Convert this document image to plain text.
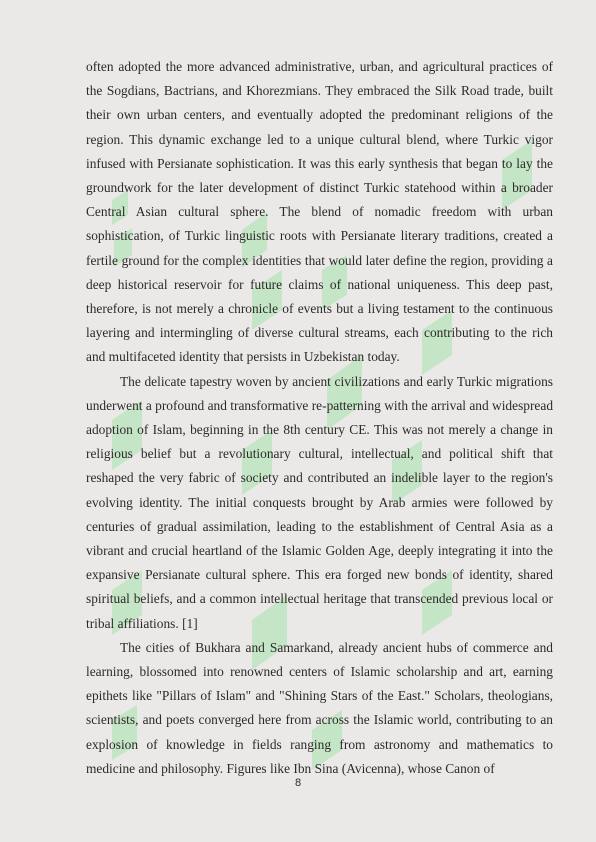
often adopted the more advanced administrative, urban, and agricultural practices of the Sogdians, Bactrians, and Khorezmians. They embraced the Silk Road trade, built their own urban centers, and eventually adopted the predominant religions of the region. This dynamic exchange led to a unique cultural blend, where Turkic vigor infused with Persianate sophistication. It was this early synthesis that began to lay the groundwork for the later development of distinct Turkic statehood within a broader Central Asian cultural sphere. The blend of nomadic freedom with urban sophistication, of Turkic linguistic roots with Persianate literary traditions, created a fertile ground for the complex identities that would later define the region, providing a deep historical reservoir for future claims of national uniqueness. This deep past, therefore, is not merely a chronicle of events but a living testament to the continuous layering and intermingling of diverse cultural streams, each contributing to the rich and multifaceted identity that persists in Uzbekistan today.

The delicate tapestry woven by ancient civilizations and early Turkic migrations underwent a profound and transformative re-patterning with the arrival and widespread adoption of Islam, beginning in the 8th century CE. This was not merely a change in religious belief but a revolutionary cultural, intellectual, and political shift that reshaped the very fabric of society and contributed an indelible layer to the region's evolving identity. The initial conquests brought by Arab armies were followed by centuries of gradual assimilation, leading to the establishment of Central Asia as a vibrant and crucial heartland of the Islamic Golden Age, deeply integrating it into the expansive Persianate cultural sphere. This era forged new bonds of identity, shared spiritual beliefs, and a common intellectual heritage that transcended previous local or tribal affiliations. [1]

The cities of Bukhara and Samarkand, already ancient hubs of commerce and learning, blossomed into renowned centers of Islamic scholarship and art, earning epithets like "Pillars of Islam" and "Shining Stars of the East." Scholars, theologians, scientists, and poets converged here from across the Islamic world, contributing to an explosion of knowledge in fields ranging from astronomy and mathematics to medicine and philosophy. Figures like Ibn Sina (Avicenna), whose Canon of

8
